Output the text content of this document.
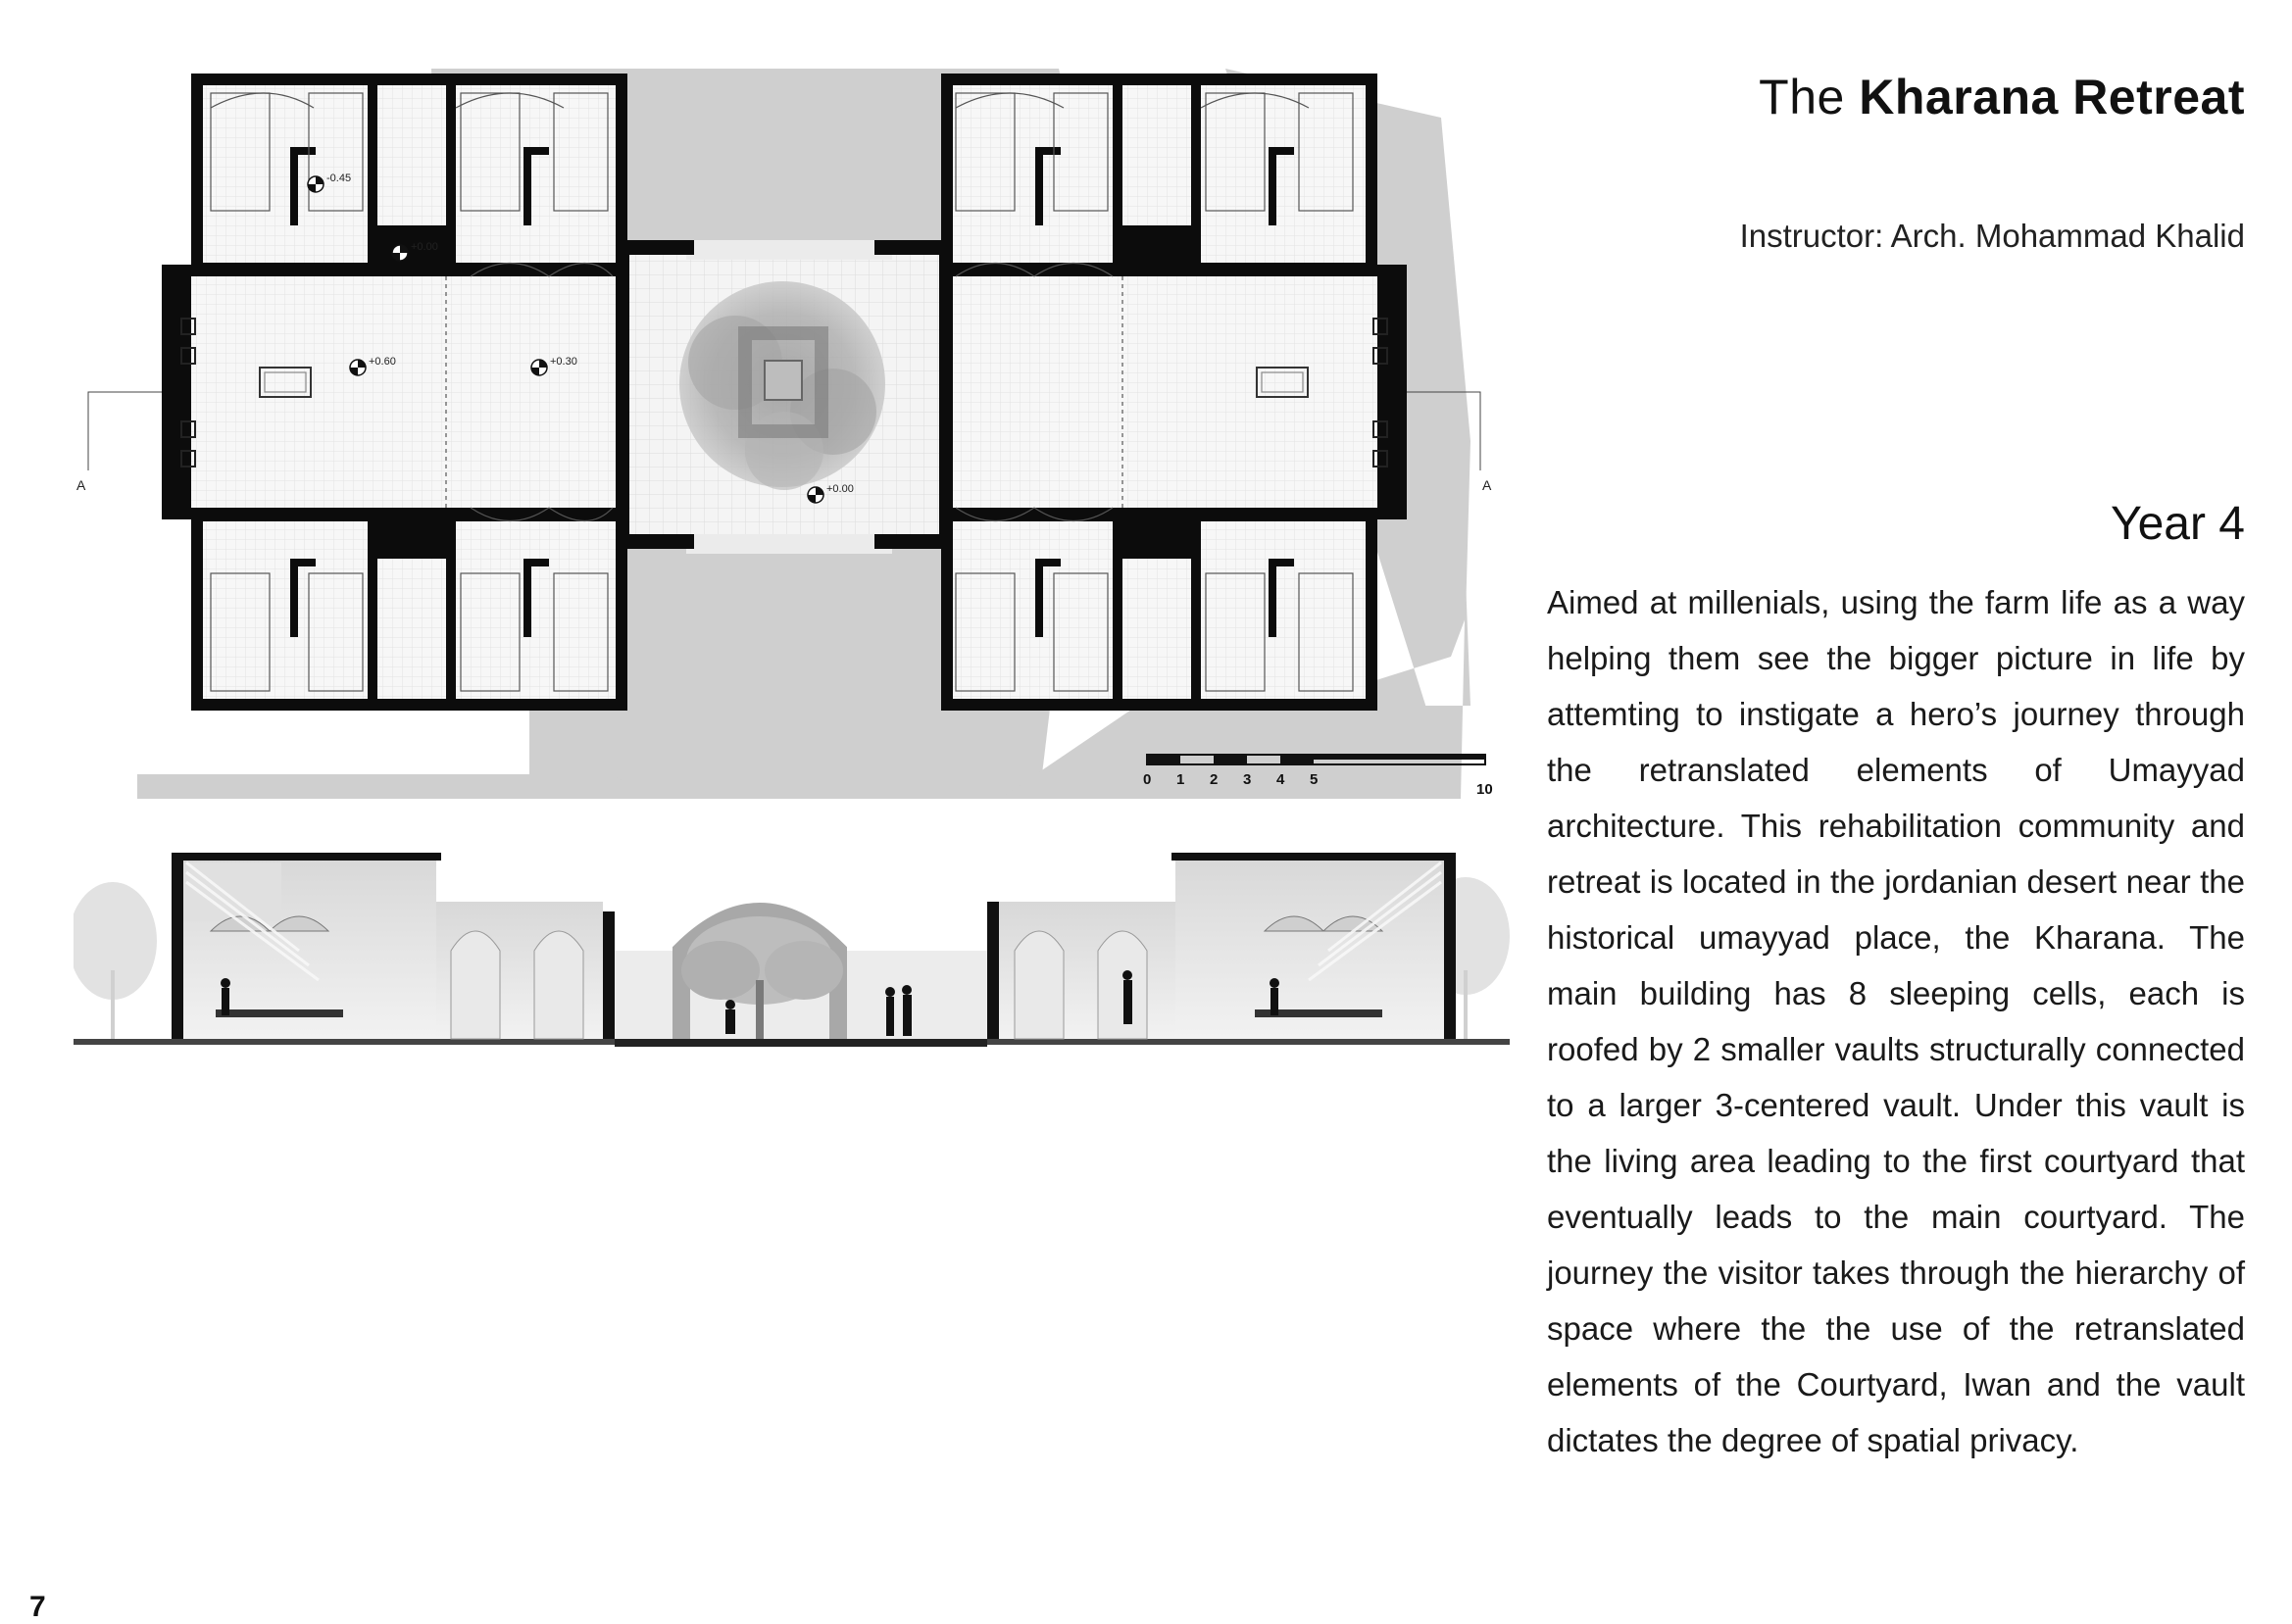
A	A
-0.45
+0.00
+0.60	+0.30
+0.00
0 1 2 3 4 5
10
The Kharana Retreat
Instructor: Arch. Mohammad Khalid
Year 4

Aimed at millenials, using the farm life as a way helping them see the bigger picture in life by attemting to instigate a hero’s journey through the retranslated elements of Umayyad architecture. This rehabilitation community and retreat is located in the jordanian desert near the historical umayyad place, the Kharana. The main building has 8 sleeping cells, each is roofed by 2 smaller vaults structurally connected to a larger 3-centered vault. Under this vault is the living area leading to the first courtyard that eventually leads to the main courtyard. The journey the visitor takes through the hierarchy of space where the the use of the retranslated elements of the Courtyard, Iwan and the vault dictates the degree of spatial privacy.

7
